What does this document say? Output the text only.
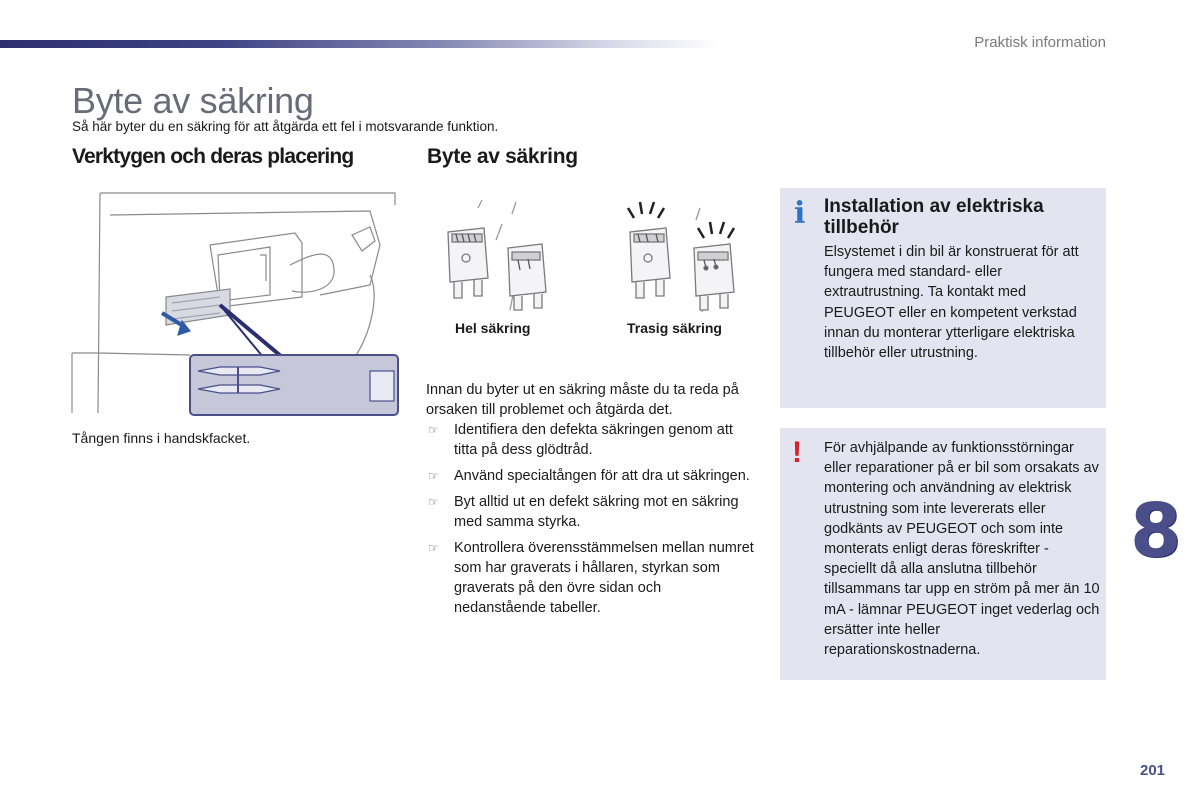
Praktisk information
Byte av säkring

Så här byter du en säkring för att åtgärda ett fel i motsvarande funktion.

Verktygen och deras placering	Byte av säkring

Tången finns i handskfacket.

Hel säkring	Trasig säkring

Innan du byter ut en säkring måste du ta reda på orsaken till problemet och åtgärda det.

☞ Identifiera den defekta säkringen genom att titta på dess glödtråd.
☞ Använd specialtången för att dra ut säkringen.
☞ Byt alltid ut en defekt säkring mot en säkring med samma styrka.
☞ Kontrollera överensstämmelsen mellan numret som har graverats i hållaren, styrkan som graverats på den övre sidan och nedanstående tabeller.
i Installation av elektriska tillbehör

Elsystemet i din bil är konstruerat för att fungera med standard- eller extrautrustning. Ta kontakt med PEUGEOT eller en kompetent verkstad innan du monterar ytterligare elektriska tillbehör eller utrustning.

! För avhjälpande av funktionsstörningar eller reparationer på er bil som orsakats av montering och användning av elektrisk utrustning som inte levererats eller godkänts av PEUGEOT och som inte monterats enligt deras föreskrifter - speciellt då alla anslutna tillbehör tillsammans tar upp en ström på mer än 10 mA - lämnar PEUGEOT inget vederlag och ersätter inte heller reparationskostnaderna.

8
201
